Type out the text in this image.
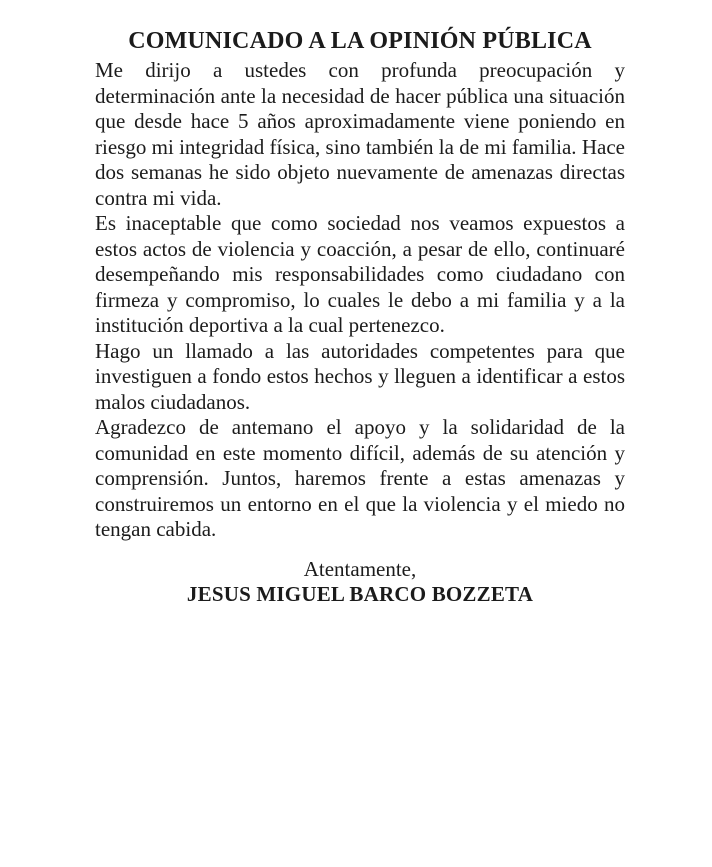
COMUNICADO A LA OPINIÓN PÚBLICA

Me dirijo a ustedes con profunda preocupación y determinación ante la necesidad de hacer pública una situación que desde hace 5 años aproximadamente viene poniendo en riesgo mi integridad física, sino también la de mi familia. Hace dos semanas he sido objeto nuevamente de amenazas directas contra mi vida.

Es inaceptable que como sociedad nos veamos expuestos a estos actos de violencia y coacción, a pesar de ello, continuaré desempeñando mis responsabilidades como ciudadano con firmeza y compromiso, lo cuales le debo a mi familia y a la institución deportiva a la cual pertenezco.

Hago un llamado a las autoridades competentes para que investiguen a fondo estos hechos y lleguen a identificar a estos malos ciudadanos.

Agradezco de antemano el apoyo y la solidaridad de la comunidad en este momento difícil, además de su atención y comprensión. Juntos, haremos frente a estas amenazas y construiremos un entorno en el que la violencia y el miedo no tengan cabida.

Atentamente,

JESUS MIGUEL BARCO BOZZETA
